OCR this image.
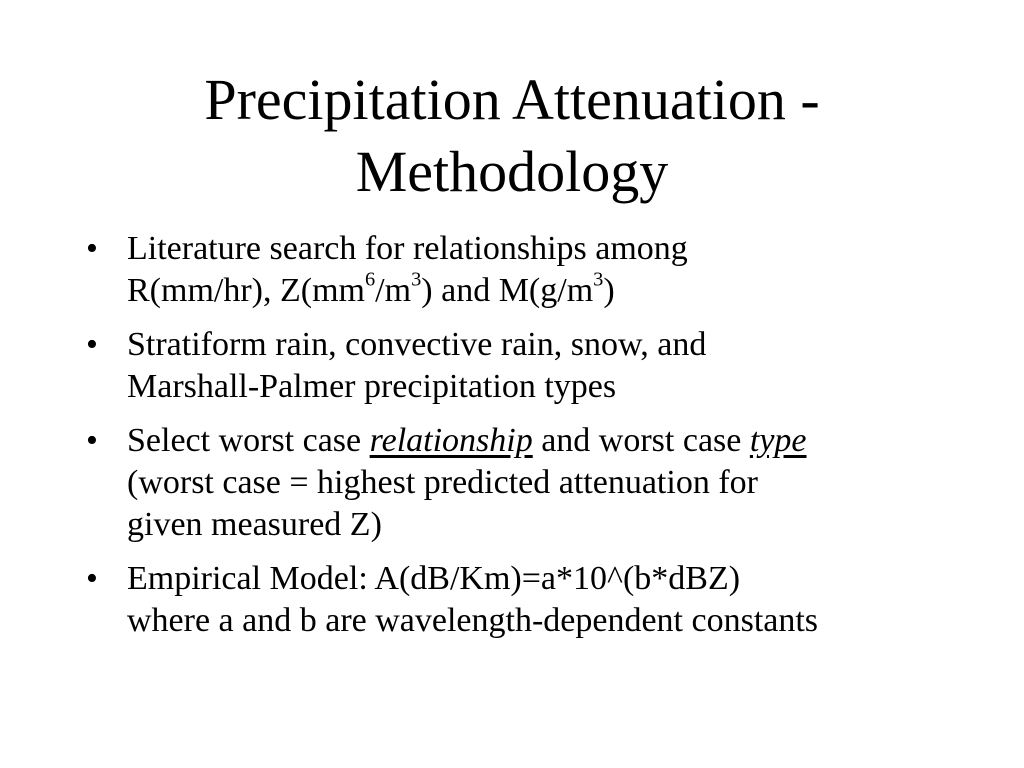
Precipitation Attenuation -
Methodology
• Literature search for relationships among
R(mm/hr), $Z(mm^6/m^3)$ and $M(g/m^3)$
• Stratiform rain, convective rain, snow, and
Marshall-Palmer precipitation types
• Select worst case relationship and worst case type
(worst case = highest predicted attenuation for
given measured Z)
• Empirical Model: A(dB/Km)=a*10^(b*dBZ)
where a and b are wavelength-dependent constants
